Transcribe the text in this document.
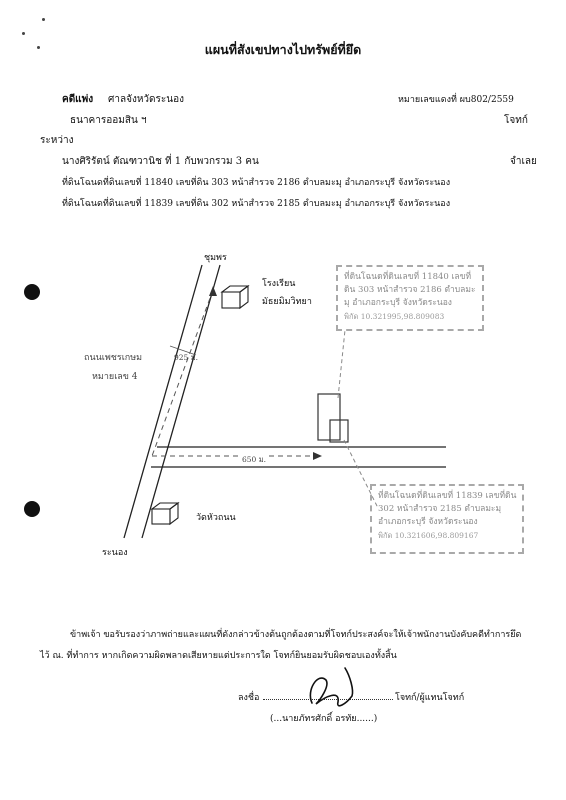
แผนที่สังเขปทางไปทรัพย์ที่ยึด
คดีแพ่ง ศาลจังหวัดระนอง	หมายเลขแดงที่ ผบ802/2559
ธนาคารออมสิน ฯ	โจทก์
ระหว่าง
นางศิริรัตน์ ตัณฑวานิช ที่ 1 กับพวกรวม 3 คน	จำเลย
ที่ดินโฉนดที่ดินเลขที่ 11840 เลขที่ดิน 303 หน้าสำรวจ 2186 ตำบลมะมุ อำเภอกระบุรี จังหวัดระนอง
ที่ดินโฉนดที่ดินเลขที่ 11839 เลขที่ดิน 302 หน้าสำรวจ 2185 ตำบลมะมุ อำเภอกระบุรี จังหวัดระนอง
ชุมพร
ระนอง
ถนนเพชรเกษม
หมายเลข 4
โรงเรียน
มัธยมิมวิทยา
วัดหัวถนน
925 ม.
650 ม.
ที่ดินโฉนดที่ดินเลขที่ 11840 เลขที่
ดิน 303 หน้าสำรวจ 2186 ตำบลมะ
มุ อำเภอกระบุรี จังหวัดระนอง
พิกัด 10.321995,98.809083
ที่ดินโฉนดที่ดินเลขที่ 11839 เลขที่ดิน
302 หน้าสำรวจ 2185 ตำบลมะมุ
อำเภอกระบุรี จังหวัดระนอง
พิกัด 10.321606,98.809167
ข้าพเจ้า ขอรับรองว่าภาพถ่ายและแผนที่ดังกล่าวข้างต้นถูกต้องตามที่โจทก์ประสงค์จะให้เจ้าพนักงานบังคับคดีทำการยึด
ไว้ ณ. ที่ทำการ หากเกิดความผิดพลาดเสียหายแต่ประการใด โจทก์ยินยอมรับผิดชอบเองทั้งสิ้น
ลงชื่อ	โจทก์/ผู้แทนโจทก์
(...นายภัทรศักดิ์ อรทัย......)
